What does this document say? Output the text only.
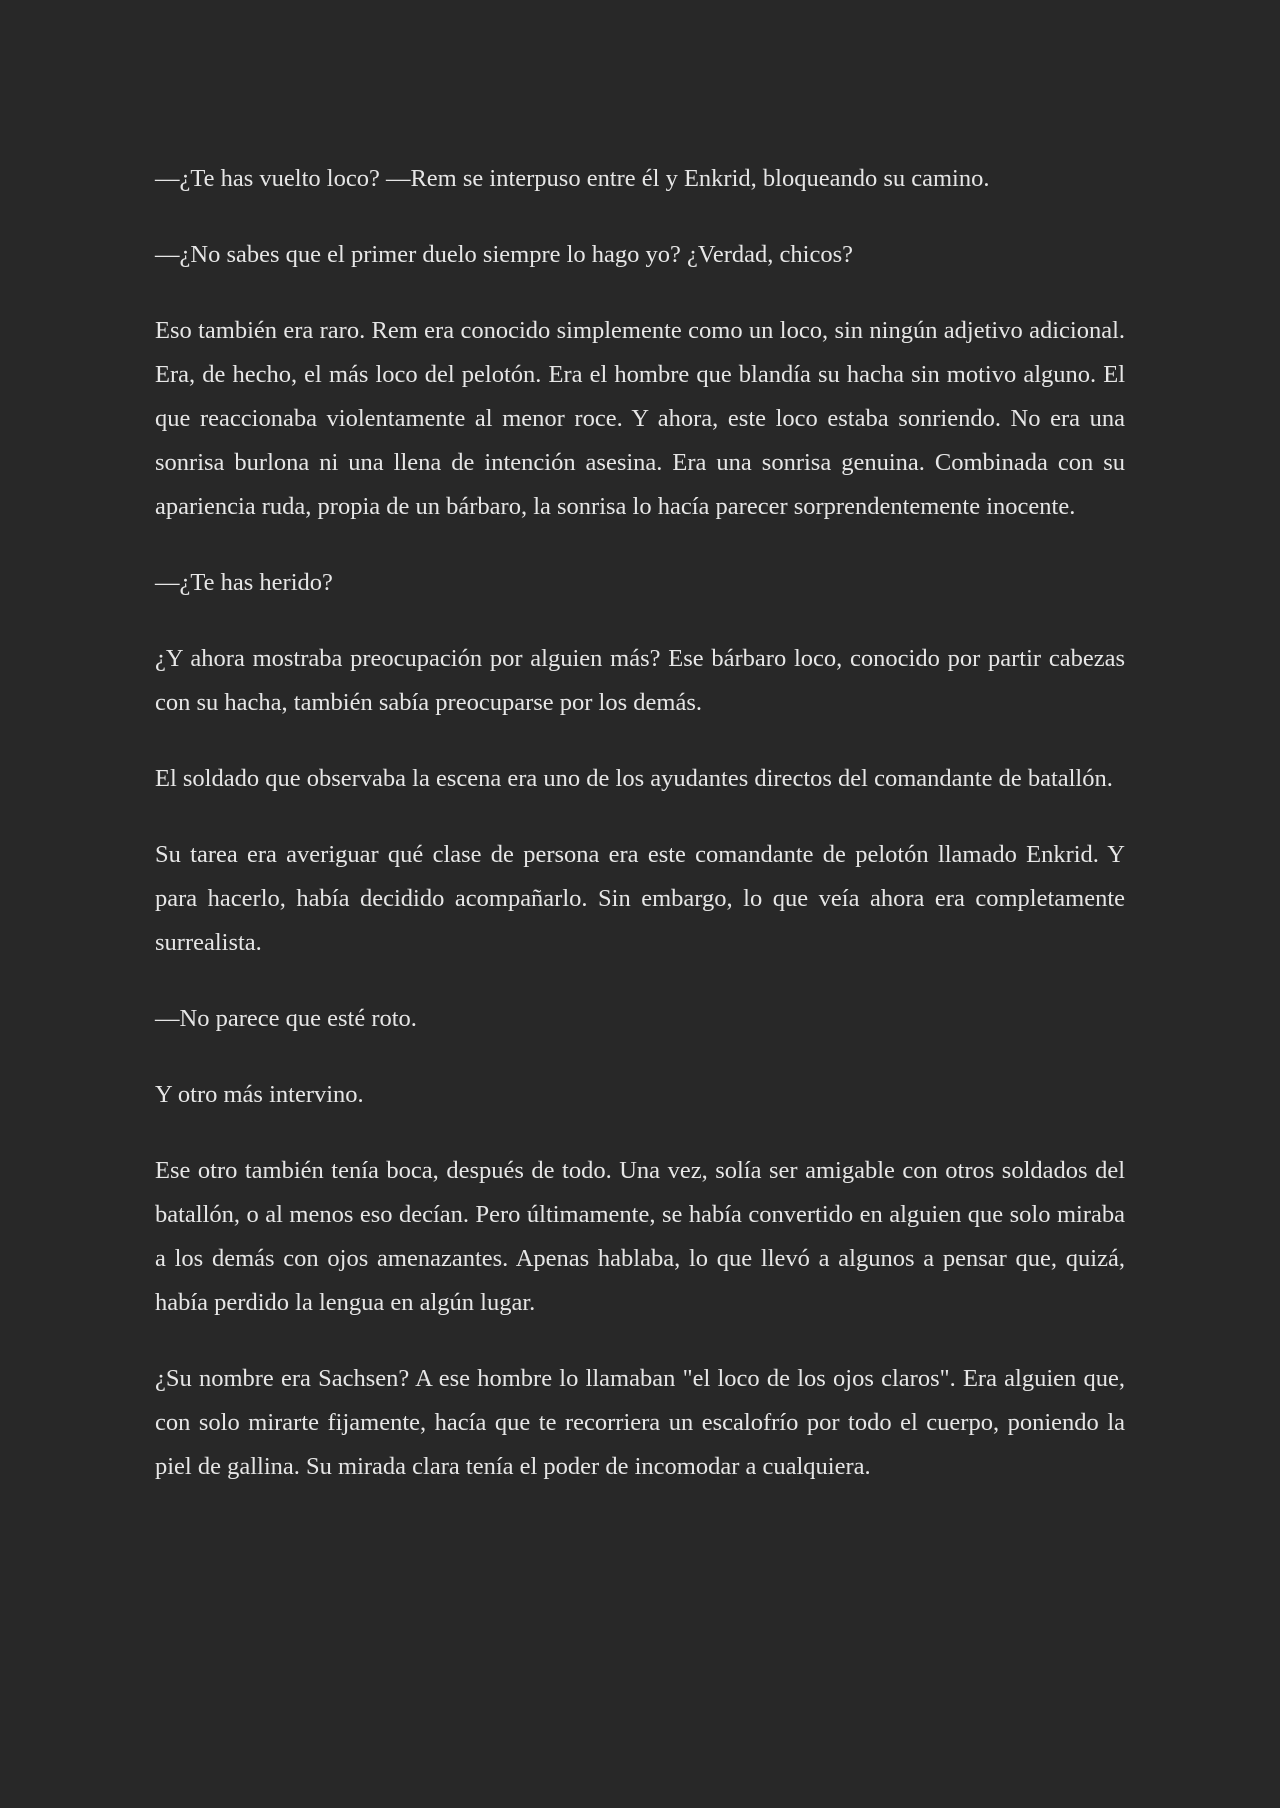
—¿Te has vuelto loco? —Rem se interpuso entre él y Enkrid, bloqueando su camino.

—¿No sabes que el primer duelo siempre lo hago yo? ¿Verdad, chicos?

Eso también era raro. Rem era conocido simplemente como un loco, sin ningún adjetivo adicional. Era, de hecho, el más loco del pelotón. Era el hombre que blandía su hacha sin motivo alguno. El que reaccionaba violentamente al menor roce. Y ahora, este loco estaba sonriendo. No era una sonrisa burlona ni una llena de intención asesina. Era una sonrisa genuina. Combinada con su apariencia ruda, propia de un bárbaro, la sonrisa lo hacía parecer sorprendentemente inocente.

—¿Te has herido?

¿Y ahora mostraba preocupación por alguien más? Ese bárbaro loco, conocido por partir cabezas con su hacha, también sabía preocuparse por los demás.

El soldado que observaba la escena era uno de los ayudantes directos del comandante de batallón.

Su tarea era averiguar qué clase de persona era este comandante de pelotón llamado Enkrid. Y para hacerlo, había decidido acompañarlo. Sin embargo, lo que veía ahora era completamente surrealista.

—No parece que esté roto.

Y otro más intervino.

Ese otro también tenía boca, después de todo. Una vez, solía ser amigable con otros soldados del batallón, o al menos eso decían. Pero últimamente, se había convertido en alguien que solo miraba a los demás con ojos amenazantes. Apenas hablaba, lo que llevó a algunos a pensar que, quizá, había perdido la lengua en algún lugar.

¿Su nombre era Sachsen? A ese hombre lo llamaban "el loco de los ojos claros". Era alguien que, con solo mirarte fijamente, hacía que te recorriera un escalofrío por todo el cuerpo, poniendo la piel de gallina. Su mirada clara tenía el poder de incomodar a cualquiera.
